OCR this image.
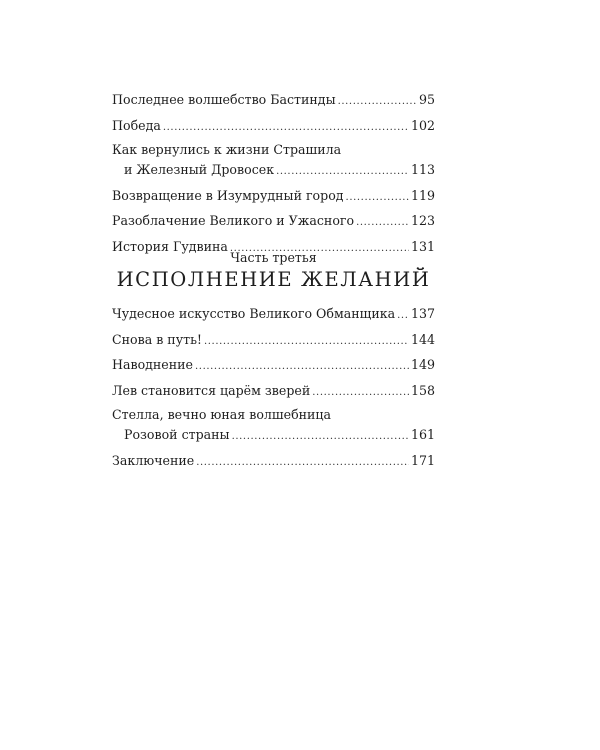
Последнее волшебство Бастинды .....	95
Победа .....	102
Как вернулись к жизни Страшила
и Железный Дровосек .....	113
Возвращение в Изумрудный город .....	119
Разоблачение Великого и Ужасного .....	123
История Гудвина .....	131
Часть третья
ИСПОЛНЕНИЕ ЖЕЛАНИЙ
Чудесное искусство Великого Обманщика ..... 137
Снова в путь! .....	144
Наводнение .....	149
Лев становится царём зверей .....	158
Стелла, вечно юная волшебница
Розовой страны .....	161
Заключение .....	171
